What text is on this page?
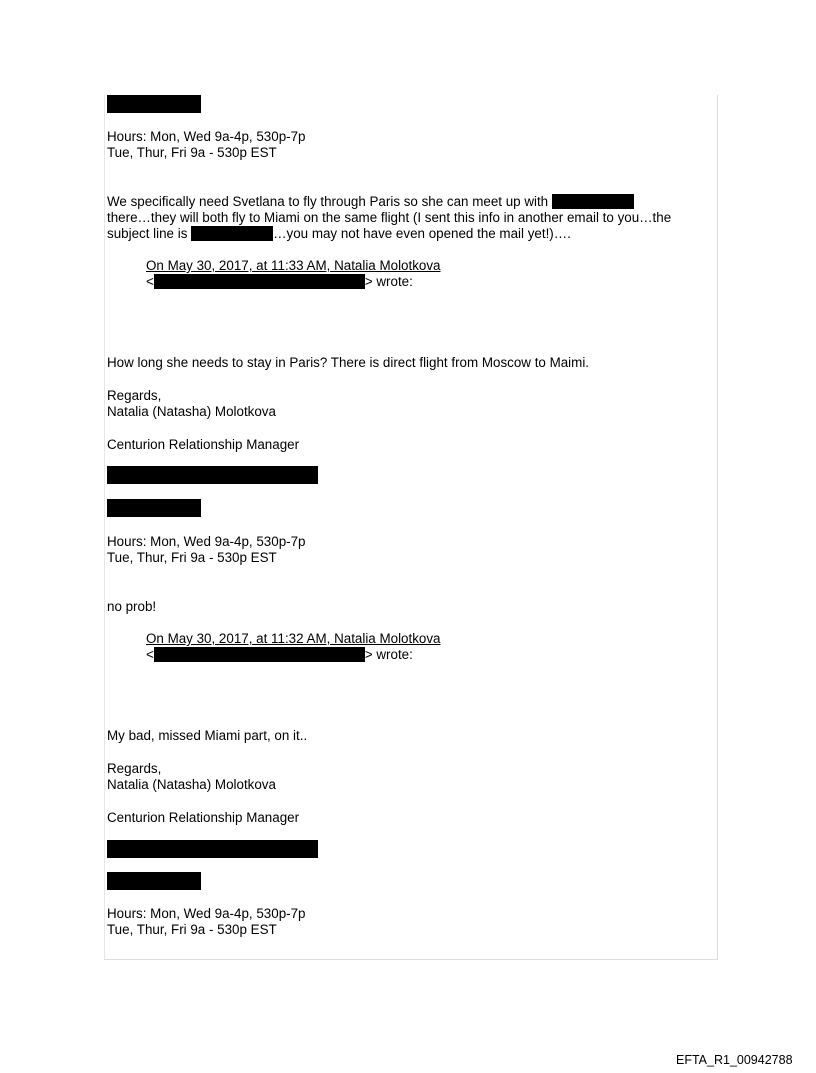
Hours: Mon, Wed 9a-4p, 530p-7p
Tue, Thur, Fri 9a - 530p EST
We specifically need Svetlana to fly through Paris so she can meet up with
there…they will both fly to Miami on the same flight (I sent this info in another email to you…the
subject line is	…you may not have even opened the mail yet!)….
On May 30, 2017, at 11:33 AM, Natalia Molotkova
<	> wrote:
How long she needs to stay in Paris? There is direct flight from Moscow to Maimi.
Regards,
Natalia (Natasha) Molotkova
Centurion Relationship Manager
Hours: Mon, Wed 9a-4p, 530p-7p
Tue, Thur, Fri 9a - 530p EST
no prob!
On May 30, 2017, at 11:32 AM, Natalia Molotkova
<	> wrote:
My bad, missed Miami part, on it..
Regards,
Natalia (Natasha) Molotkova
Centurion Relationship Manager
Hours: Mon, Wed 9a-4p, 530p-7p
Tue, Thur, Fri 9a - 530p EST
EFTA_R1_00942788
